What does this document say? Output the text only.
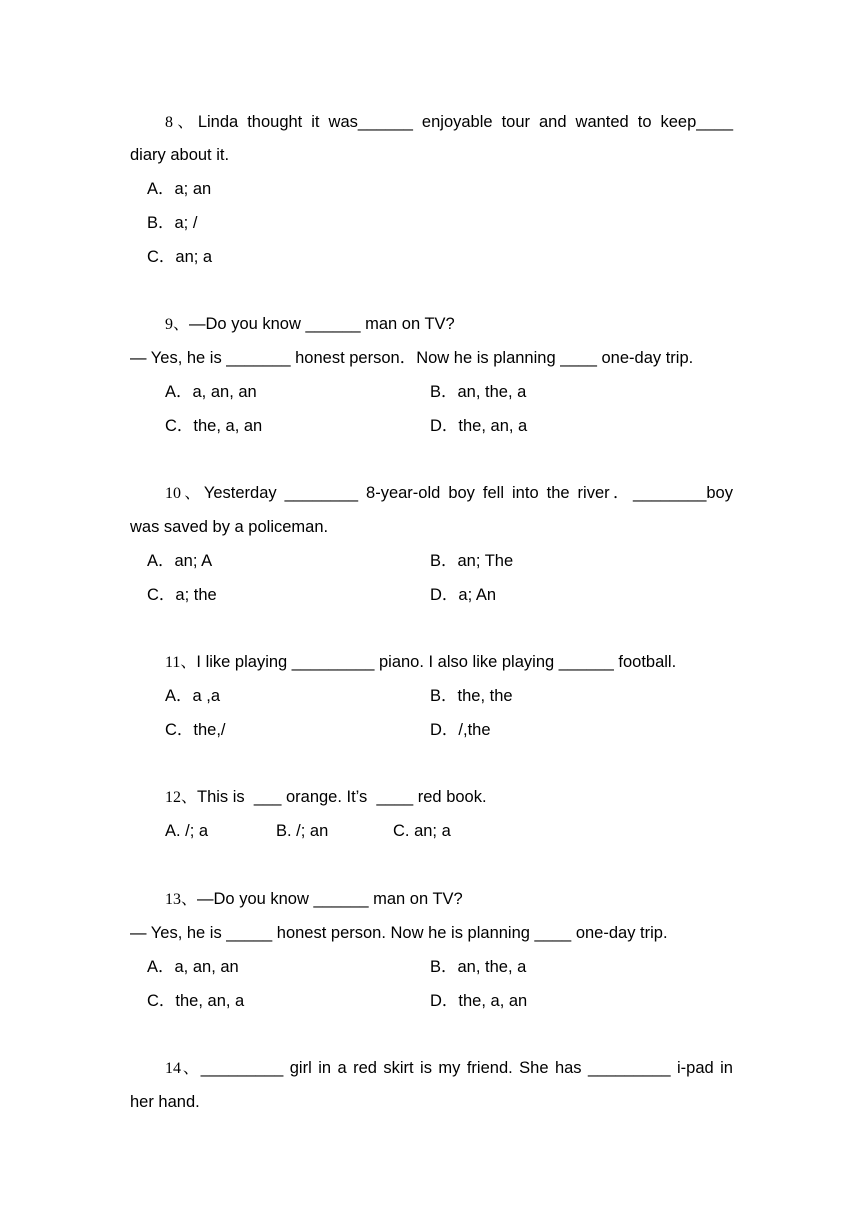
8、Linda thought it was______ enjoyable tour and wanted to keep____
diary about it.
A．a; an
B．a; /
C．an; a
9、—Do you know ______ man on TV?
— Yes, he is _______ honest person．Now he is planning ____ one-day trip.
A．a, an, an	B．an, the, a
C．the, a, an	D．the, an, a
10、Yesterday ________ 8-year-old boy fell into the river．________boy
was saved by a policeman.
A．an; A	B．an; The
C．a; the	D．a; An
11、I like playing _________ piano. I also like playing ______ football.
A．a ,a	B．the, the
C．the,/	D．/,the
12、This is  ___ orange. It’s  ____ red book.
A. /; a	B. /; an	C. an; a
13、—Do you know ______ man on TV?
— Yes, he is _____ honest person. Now he is planning ____ one-day trip.
A．a, an, an	B．an, the, a
C．the, an, a	D．the, a, an
14、_________ girl in a red skirt is my friend. She has _________ i-pad in
her hand.
